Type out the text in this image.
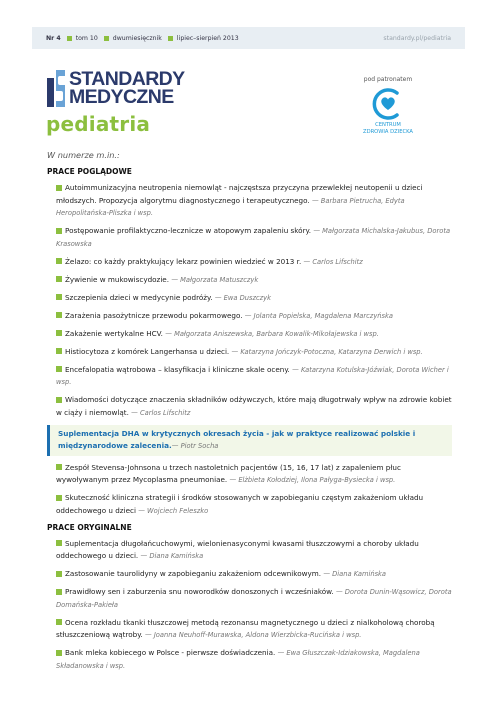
Nr 4 tom 10 dwumiesięcznik lipiec–sierpień 2013	standardy.pl/pediatria
STANDARDY
MEDYCZNE
pediatria
pod patronatem
CENTRUM
ZDROWIA DZIECKA
W numerze m.in.:
PRACE POGLĄDOWE
Autoimmunizacyjna neutropenia niemowląt - najczęstsza przyczyna przewlekłej neutopenii u dzieci młodszych. Propozycja algorytmu diagnostycznego i terapeutycznego. — Barbara Pietrucha, Edyta Heropolitańska-Pliszka i wsp.
Postępowanie profilaktyczno-lecznicze w atopowym zapaleniu skóry. — Małgorzata Michalska-Jakubus, Dorota Krasowska
Żelazo: co każdy praktykujący lekarz powinien wiedzieć w 2013 r. — Carlos Lifschitz
Żywienie w mukowiscydozie. — Małgorzata Matuszczyk
Szczepienia dzieci w medycynie podróży. — Ewa Duszczyk
Zarażenia pasożytnicze przewodu pokarmowego. — Jolanta Popielska, Magdalena Marczyńska
Zakażenie wertykalne HCV. — Małgorzata Aniszewska, Barbara Kowalik-Mikołajewska i wsp.
Histiocytoza z komórek Langerhansa u dzieci. — Katarzyna Jończyk-Potoczna, Katarzyna Derwich i wsp.
Encefalopatia wątrobowa – klasyfikacja i kliniczne skale oceny. — Katarzyna Kotulska-Jóźwiak, Dorota Wicher i wsp.
Wiadomości dotyczące znaczenia składników odżywczych, które mają długotrwały wpływ na zdrowie kobiet w ciąży i niemowląt. — Carlos Lifschitz
Suplementacja DHA w krytycznych okresach życia - jak w praktyce realizować polskie i międzynarodowe zalecenia.— Piotr Socha
Zespół Stevensa-Johnsona u trzech nastoletnich pacjentów (15, 16, 17 lat) z zapaleniem płuc wywoływanym przez Mycoplasma pneumoniae. — Elżbieta Kołodziej, Ilona Pałyga-Bysiecka i wsp.
Skuteczność kliniczna strategii i środków stosowanych w zapobieganiu częstym zakażeniom układu oddechowego u dzieci — Wojciech Feleszko
PRACE ORYGINALNE
Suplementacja długołańcuchowymi, wielonienasyconymi kwasami tłuszczowymi a choroby układu oddechowego u dzieci. — Diana Kamińska
Zastosowanie taurolidyny w zapobieganiu zakażeniom odcewnikowym. — Diana Kamińska
Prawidłowy sen i zaburzenia snu noworodków donoszonych i wcześniaków. — Dorota Dunin-Wąsowicz, Dorota Domańska-Pakieła
Ocena rozkładu tkanki tłuszczowej metodą rezonansu magnetycznego u dzieci z nialkoholową chorobą stłuszczeniową wątroby. — Joanna Neuhoff-Murawska, Aldona Wierzbicka-Rucińska i wsp.
Bank mleka kobiecego w Polsce - pierwsze doświadczenia. — Ewa Głuszczak-Idziakowska, Magdalena Składanowska i wsp.
